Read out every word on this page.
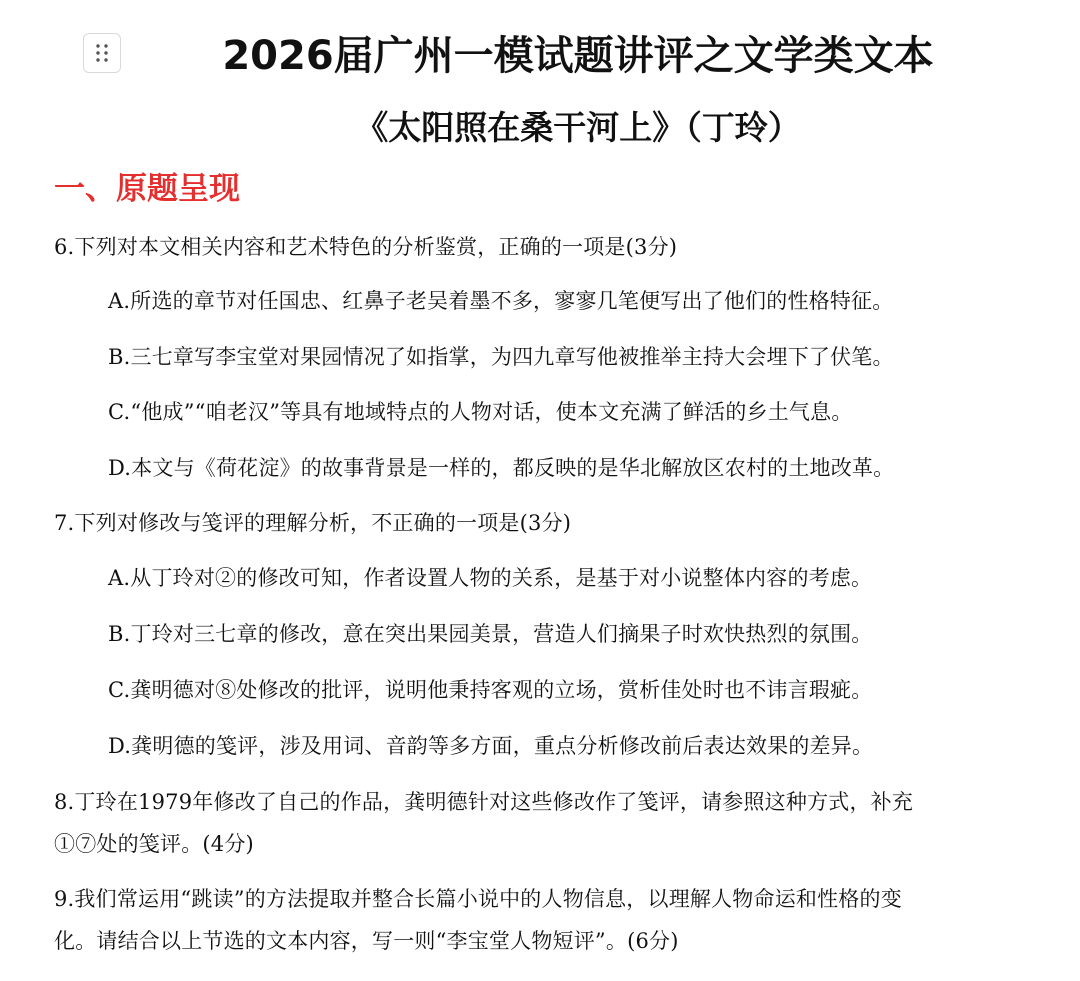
2026届广州一模试题讲评之文学类文本
《太阳照在桑干河上》（丁玲）
一、原题呈现
6.下列对本文相关内容和艺术特色的分析鉴赏，正确的一项是(3分)
A.所选的章节对任国忠、红鼻子老吴着墨不多，寥寥几笔便写出了他们的性格特征。
B.三七章写李宝堂对果园情况了如指掌，为四九章写他被推举主持大会埋下了伏笔。
C.“他成”“咱老汉”等具有地域特点的人物对话，使本文充满了鲜活的乡土气息。
D.本文与《荷花淀》的故事背景是一样的，都反映的是华北解放区农村的土地改革。
7.下列对修改与笺评的理解分析，不正确的一项是(3分)
A.从丁玲对②的修改可知，作者设置人物的关系，是基于对小说整体内容的考虑。
B.丁玲对三七章的修改，意在突出果园美景，营造人们摘果子时欢快热烈的氛围。
C.龚明德对⑧处修改的批评，说明他秉持客观的立场，赏析佳处时也不讳言瑕疵。
D.龚明德的笺评，涉及用词、音韵等多方面，重点分析修改前后表达效果的差异。
8.丁玲在1979年修改了自己的作品，龚明德针对这些修改作了笺评，请参照这种方式，补充
①⑦处的笺评。(4分)
9.我们常运用“跳读”的方法提取并整合长篇小说中的人物信息，以理解人物命运和性格的变
化。请结合以上节选的文本内容，写一则“李宝堂人物短评”。(6分)
